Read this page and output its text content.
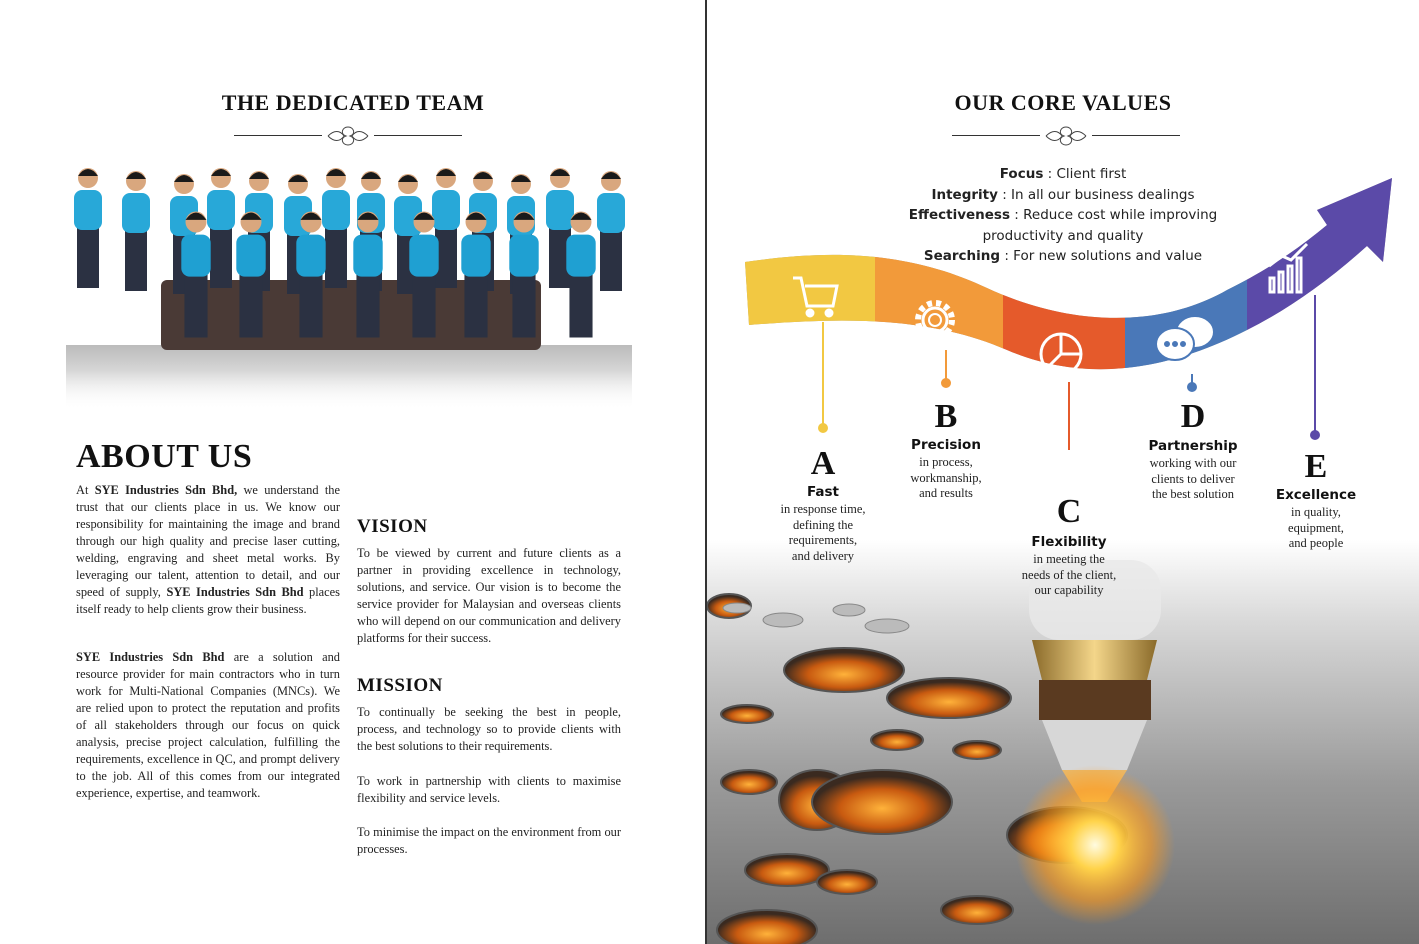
THE DEDICATED TEAM
ABOUT US
At SYE Industries Sdn Bhd, we understand the trust that our clients place in us. We know our responsibility for maintaining the image and brand through our high quality and precise laser cutting, welding, engraving and sheet metal works. By leveraging our talent, attention to detail, and our speed of supply, SYE Industries Sdn Bhd places itself ready to help clients grow their business.
SYE Industries Sdn Bhd are a solution and resource provider for main contractors who in turn work for Multi-National Companies (MNCs). We are relied upon to protect the reputation and profits of all stakeholders through our focus on quick analysis, precise project calculation, fulfilling the requirements, excellence in QC, and prompt delivery to the job. All of this comes from our integrated experience, expertise, and teamwork.
VISION
To be viewed by current and future clients as a partner in providing excellence in technology, solutions, and service. Our vision is to become the service provider for Malaysian and overseas clients who will depend on our communication and delivery platforms for their success.
MISSION
To continually be seeking the best in people, process, and technology so to provide clients with the best solutions to their requirements.
To work in partnership with clients to maximise flexibility and service levels.
To minimise the impact on the environment from our processes.
OUR CORE VALUES
Focus : Client first
Integrity : In all our business dealings
Effectiveness : Reduce cost while improving
productivity and quality
Searching : For new solutions and value
A
Fast
in response time,
defining the
requirements,
and delivery
B
Precision
in process,
workmanship,
and results	C
Flexibility
in meeting the
needs of the client,
our capability
D
Partnership
working with our
clients to deliver
the best solution
E
Excellence
in quality,
equipment,
and people
